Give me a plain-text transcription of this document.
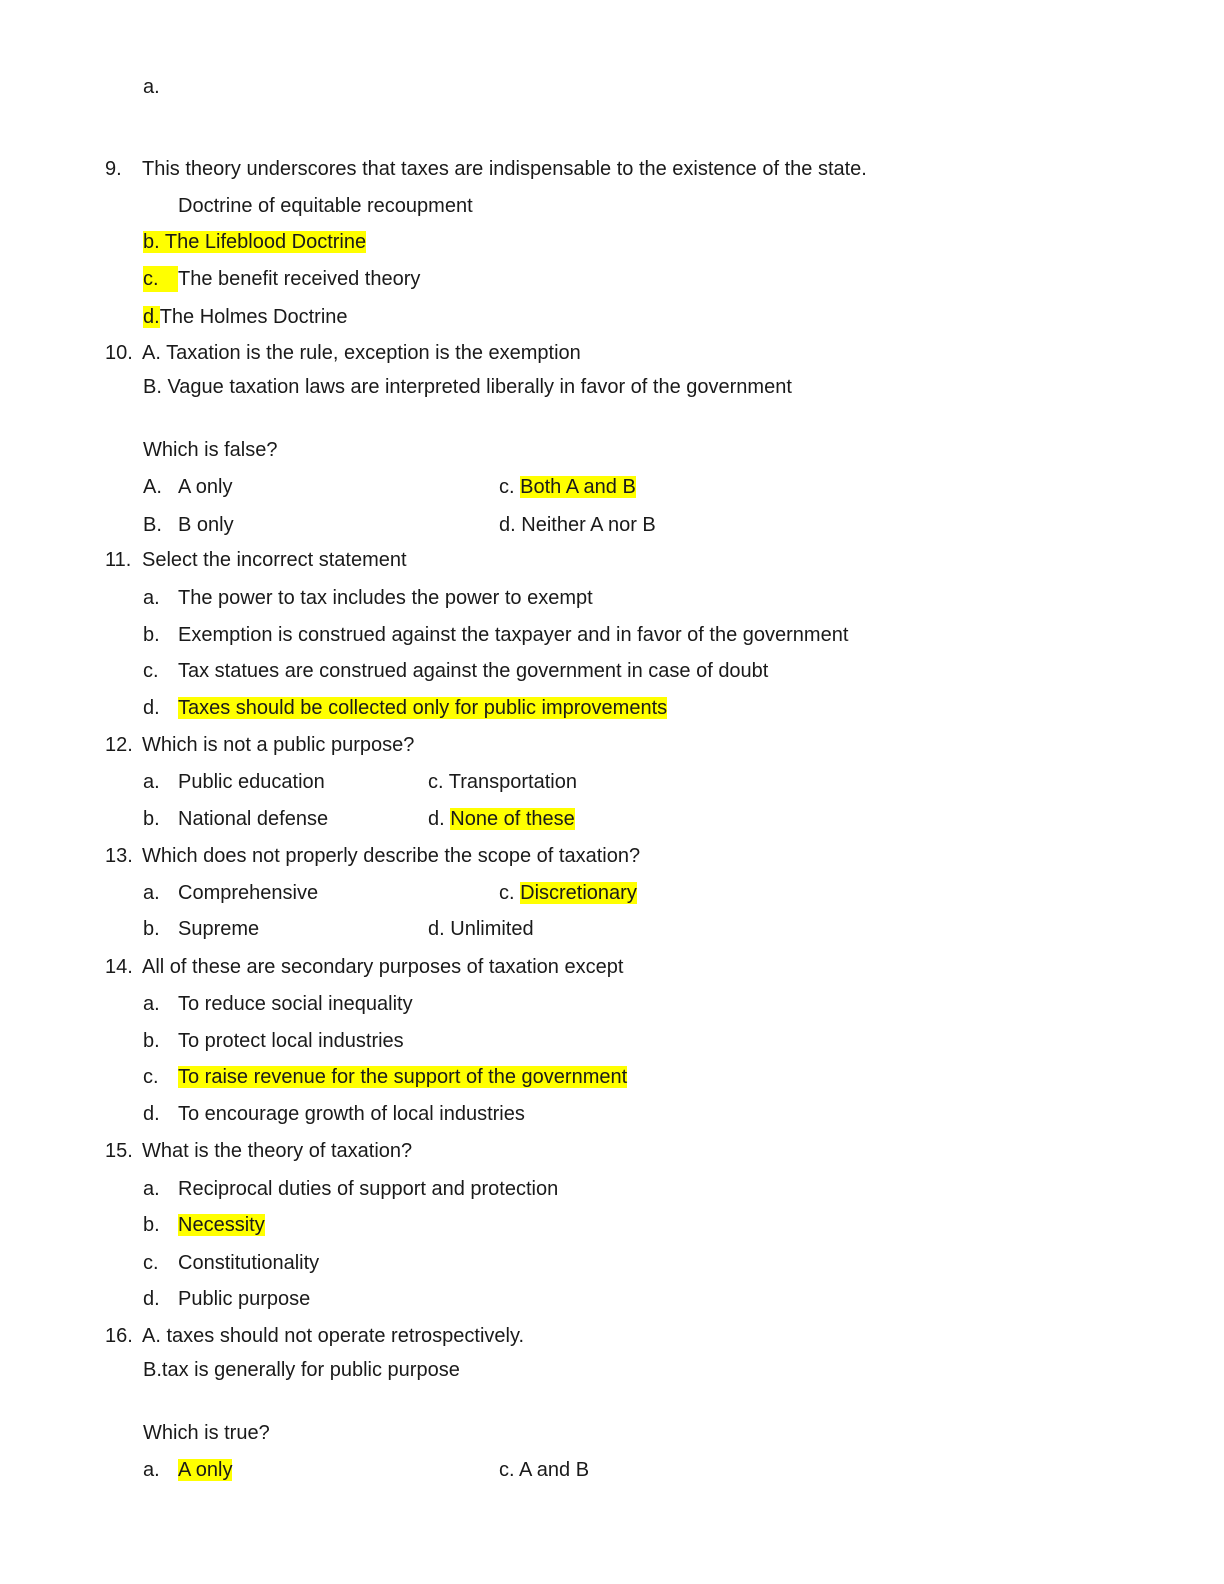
a.
9. This theory underscores that taxes are indispensable to the existence of the state.
Doctrine of equitable recoupment
b. The Lifeblood Doctrine
c. The benefit received theory
d.The Holmes Doctrine
10. A. Taxation is the rule, exception is the exemption
B. Vague taxation laws are interpreted liberally in favor of the government
Which is false?
A. A only	c. Both A and B
B. B only	d. Neither A nor B
11. Select the incorrect statement
a. The power to tax includes the power to exempt
b. Exemption is construed against the taxpayer and in favor of the government
c. Tax statues are construed against the government in case of doubt
d. Taxes should be collected only for public improvements
12. Which is not a public purpose?
a. Public education	c. Transportation
b. National defense	d. None of these
13. Which does not properly describe the scope of taxation?
a. Comprehensive	c. Discretionary
b. Supreme	d. Unlimited
14. All of these are secondary purposes of taxation except
a. To reduce social inequality
b. To protect local industries
c. To raise revenue for the support of the government
d. To encourage growth of local industries
15. What is the theory of taxation?
a. Reciprocal duties of support and protection
b. Necessity
c. Constitutionality
d. Public purpose
16. A. taxes should not operate retrospectively.
B.tax is generally for public purpose
Which is true?
a. A only	c. A and B
